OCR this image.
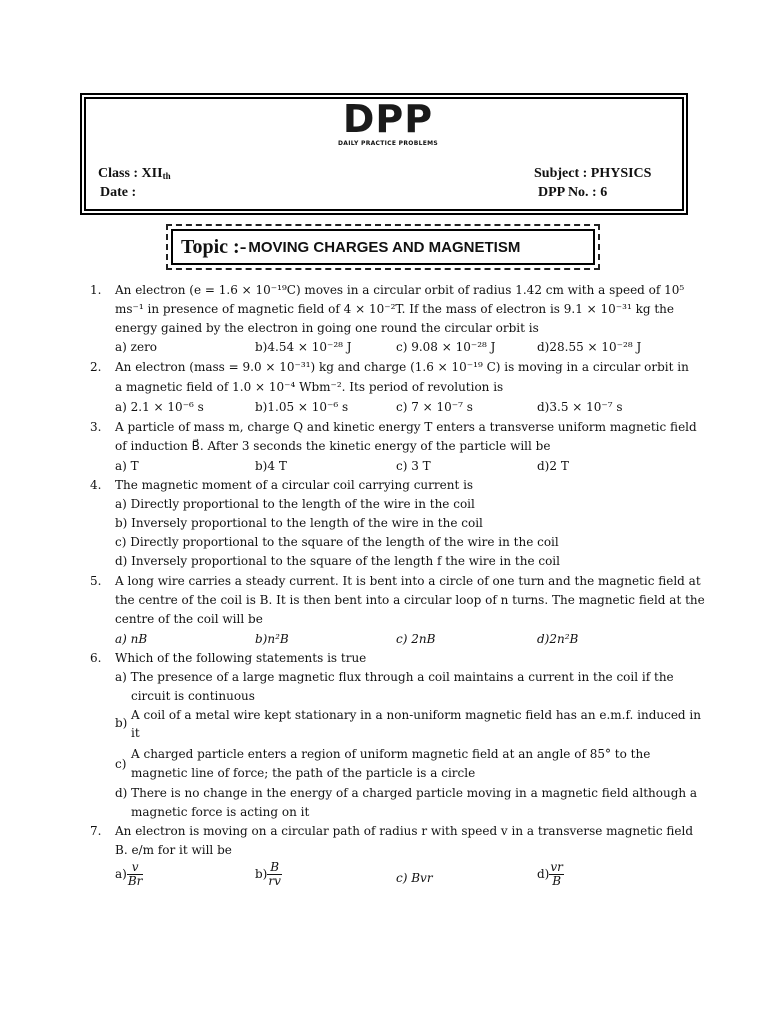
DPP
DAILY PRACTICE PROBLEMS
Class : $XII_{th}$
Date :
Subject : PHYSICS
DPP No. : 6
Topic :- MOVING CHARGES AND MAGNETISM
1. An electron (e = 1.6 × 10⁻¹⁹C) moves in a circular orbit of radius 1.42 cm with a speed of 10⁵
ms⁻¹ in presence of magnetic field of 4 × 10⁻²T. If the mass of electron is 9.1 × 10⁻³¹ kg the
energy gained by the electron in going one round the circular orbit is
a) zero	b)4.54 × 10⁻²⁸ J	c) 9.08 × 10⁻²⁸ J	d)28.55 × 10⁻²⁸ J
2. An electron (mass = 9.0 × 10⁻³¹) kg and charge (1.6 × 10⁻¹⁹ C) is moving in a circular orbit in
a magnetic field of 1.0 × 10⁻⁴ Wbm⁻². Its period of revolution is
a) 2.1 × 10⁻⁶ s	b)1.05 × 10⁻⁶ s	c) 7 × 10⁻⁷ s	d)3.5 × 10⁻⁷ s
3. A particle of mass m, charge Q and kinetic energy T enters a transverse uniform magnetic field
of induction B⃗. After 3 seconds the kinetic energy of the particle will be
a) T	b)4 T	c) 3 T	d)2 T
4. The magnetic moment of a circular coil carrying current is
a) Directly proportional to the length of the wire in the coil
b) Inversely proportional to the length of the wire in the coil
c) Directly proportional to the square of the length of the wire in the coil
d) Inversely proportional to the square of the length f the wire in the coil
5. A long wire carries a steady current. It is bent into a circle of one turn and the magnetic field at
the centre of the coil is B. It is then bent into a circular loop of n turns. The magnetic field at the
centre of the coil will be
a) nB	b)n²B	c) 2nB	d)2n²B
6. Which of the following statements is true
a) The presence of a large magnetic flux through a coil maintains a current in the coil if the
circuit is continuous
b)
A coil of a metal wire kept stationary in a non-uniform magnetic field has an e.m.f. induced in
it
c)
A charged particle enters a region of uniform magnetic field at an angle of 85° to the
magnetic line of force; the path of the particle is a circle
d) There is no change in the energy of a charged particle moving in a magnetic field although a
magnetic force is acting on it
7. An electron is moving on a circular path of radius r with speed v in a transverse magnetic field
B. e/m for it will be
$a) \frac{v}{Br}$	$b) \frac{B}{rv}$	c) Bvr	$d) \frac{vr}{B}$
